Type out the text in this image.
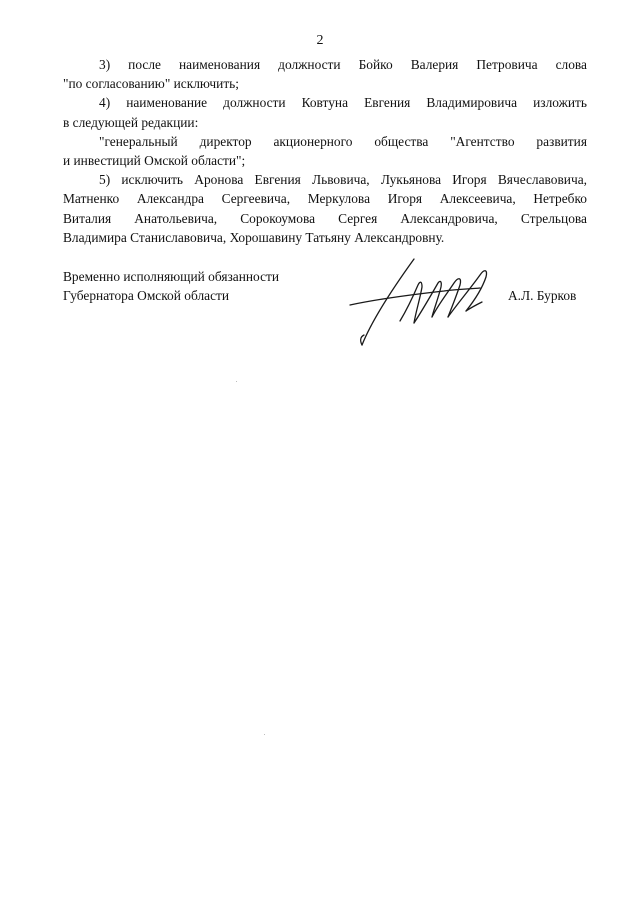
2

3) после наименования должности Бойко Валерия Петровича слова
"по согласованию" исключить;

4) наименование должности Ковтуна Евгения Владимировича изложить
в следующей редакции:

"генеральный директор акционерного общества "Агентство развития
и инвестиций Омской области";

5) исключить Аронова Евгения Львовича, Лукьянова Игоря Вячеславовича,
Матненко Александра Сергеевича, Меркулова Игоря Алексеевича, Нетребко
Виталия Анатольевича, Сорокоумова Сергея Александровича, Стрельцова
Владимира Станиславовича, Хорошавину Татьяну Александровну.

Временно исполняющий обязанности
Губернатора Омской области	А.Л. Бурков
